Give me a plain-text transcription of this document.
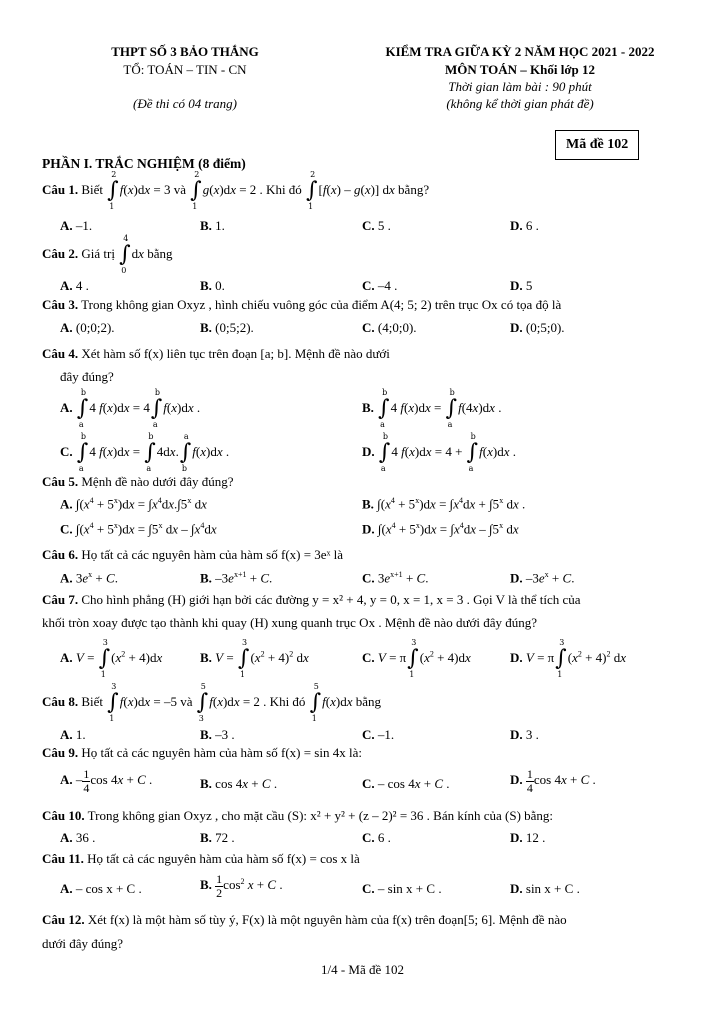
THPT SỐ 3 BẢO THẮNG
TỔ: TOÁN – TIN - CN
(Đề thi có 04 trang)
KIỂM TRA GIỮA KỲ 2 NĂM HỌC 2021 - 2022
MÔN TOÁN – Khối lớp 12
Thời gian làm bài : 90 phút
(không kể thời gian phát đề)
Mã đề 102
PHẦN I. TRẮC NGHIỆM (8 điểm)
Câu 1. Biết ∫
2
1
f(x)dx = 3 và ∫
2
1
g(x)dx = 2 . Khi đó ∫
2
1
[f(x) – g(x)] dx bằng?
A. –1.	B. 1.	C. 5 .	D. 6 .
Câu 2. Giá trị ∫
4
0
dx bằng
A. 4 .	B. 0.	C. –4 .	D. 5
Câu 3. Trong không gian Oxyz , hình chiếu vuông góc của điểm A(4; 5; 2) trên trục Ox có tọa độ là
A. (0;0;2).	B. (0;5;2).	C. (4;0;0).	D. (0;5;0).
Câu 4. Xét hàm số f(x) liên tục trên đoạn [a; b]. Mệnh đề nào dưới
đây đúng?
A. ∫
b
a
4 f(x)dx = 4∫
b
a
f(x)dx .	B. ∫
b
a
4 f(x)dx = ∫
b
a
f(4x)dx .
C. ∫
b
a
4 f(x)dx = ∫
b
a
4dx.∫
a
b
f(x)dx .	D. ∫
b
a
4 f(x)dx = 4 + ∫
b
a
f(x)dx .
Câu 5. Mệnh đề nào dưới đây đúng?
A. $\int(x^4 + 5^x)dx = \int x^4dx.\int 5^x$ dx	B. $\int(x^4 + 5^x)dx = \int x^4dx + \int 5^x$ dx .
C. $\int(x^4 + 5^x)dx = \int 5^x$ dx – $\int x^4dx$	D. $\int(x^4 + 5^x)dx = \int x^4dx - \int 5^x$ dx
Câu 6. Họ tất cả các nguyên hàm của hàm số f(x) = 3eˣ là
A. $3e^x + C$.	B. $-3e^{x+1} + C$.	C. $3e^{x+1} + C$.	D. $-3e^x + C$.
Câu 7. Cho hình phẳng (H) giới hạn bởi các đường y = x² + 4, y = 0, x = 1, x = 3 . Gọi V là thể tích của
khối tròn xoay được tạo thành khi quay (H) xung quanh trục Ox . Mệnh đề nào dưới đây đúng?
A. V = ∫
3
1
$(x^2 + 4)dx$	B. V = ∫
3
1
$(x^2 + 4)^2$ dx	C. V = π∫
3
1
$(x^2 + 4)dx$	D. V = π∫
3
1
$(x^2 + 4)^2$ dx
Câu 8. Biết ∫
3
1
f(x)dx = –5 và ∫
5
3
f(x)dx = 2 . Khi đó ∫
5
1
f(x)dx bằng
A. 1.	B. –3 .	C. –1.	D. 3 .
Câu 9. Họ tất cả các nguyên hàm của hàm số f(x) = sin 4x là:
A. – $\frac{1}{4}$ cos 4x + C .	B. cos 4x + C .	C. – cos 4x + C .	D. $\frac{1}{4}$ cos 4x + C .
Câu 10. Trong không gian Oxyz , cho mặt cầu (S): x² + y² + (z – 2)² = 36 . Bán kính của (S) bằng:
A. 36 .	B. 72 .	C. 6 .	D. 12 .
Câu 11. Họ tất cả các nguyên hàm của hàm số f(x) = cos x là
A. – cos x + C .	B. $\frac{1}{2} \cos^2 x + C$ .	C. – sin x + C .	D. sin x + C .
Câu 12. Xét f(x) là một hàm số tùy ý, F(x) là một nguyên hàm của f(x) trên đoạn[5; 6]. Mệnh đề nào
dưới đây đúng?
1/4 - Mã đề 102
